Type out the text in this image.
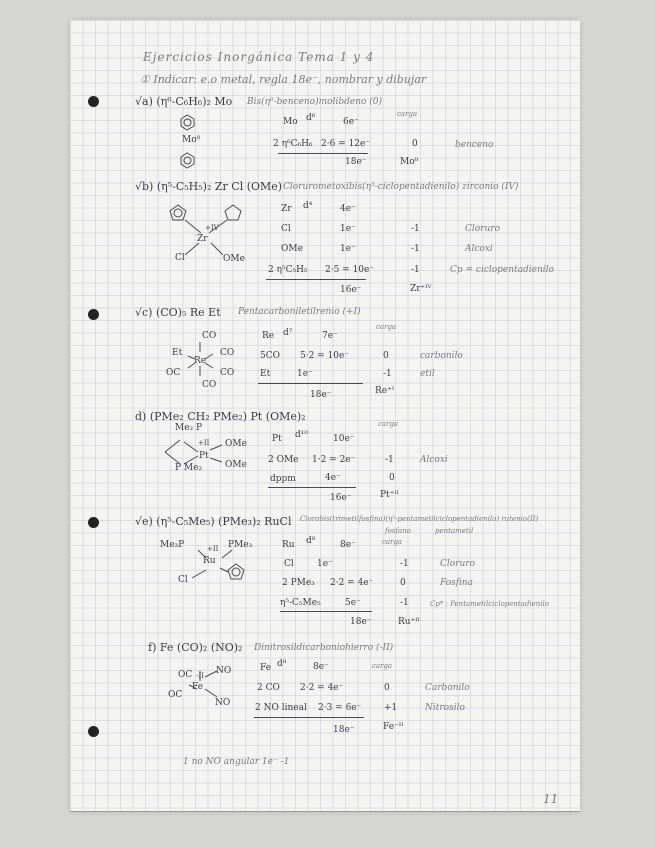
Ejercicios Inorgánica Tema 1 y 4
① Indicar: e.o metal, regla 18e⁻, nombrar y dibujar
√a) (η⁶-C₆H₆)₂ Mo Bis(η⁶-benceno)molibdeno (0)
Mo⁰
carga
Mo d⁶	6e⁻
2 η⁶C₆H₆ 2·6 = 12e⁻	0	benceno
18e⁻	Mo⁰
√b) (η⁵-C₅H₅)₂ Zr Cl (OMe) Clorurometoxibis(η⁵-ciclopentadienilo) zirconio (IV)
Zr
+IV
Cl	OMe
Zr d⁴	4e⁻
Cl	1e⁻	-1	Cloruro
OMe	1e⁻	-1	Alcoxi
2 η⁵C₅H₅ 2·5 = 10e⁻	-1	Cp = ciclopentadienilo
16e⁻	Zr⁺ᴵⱽ
√c) (CO)₅ Re Et Pentacarboniletilrenio (+I)
CO
Re
Et	CO
OC	CO
CO
carga
Re d⁷	7e⁻
5CO 5·2 = 10e⁻	0	carbonilo
Et	1e⁻	-1	etil
18e⁻	Re⁺ᴵ
d) (PMe₂ CH₂ PMe₂) Pt (OMe)₂
Me₂ P
P Me₂
Pt
+II OMe
OMe
carga
Pt d¹⁰	10e⁻
2 OMe 1·2 = 2e⁻	-1	Alcoxi
dppm	4e⁻	0
16e⁻	Pt⁺ᴵᴵ
√e) (η⁵-C₅Me₅) (PMe₃)₂ RuCl Clorobis(trimetilfosfina)(η⁵-pentametilciclopentadienilo) rutenio(II)
fosfano	pentametil
Me₃P	PMe₃
Ru
+II
Cl
carga
Ru d⁸	8e⁻
Cl	1e⁻	-1	Cloruro
2 PMe₃ 2·2 = 4e⁻	0	Fosfina
η⁵-C₅Me₅	5e⁻	-1	Cp* : Pentametilciclopentadienilo
18e⁻	Ru⁺ᴵᴵ
f) Fe (CO)₂ (NO)₂ Dinitrosildicarboniohierro (-II)
NO
Fe
-II
OC
OC
NO
carga
Fe d⁸	8e⁻
2 CO 2·2 = 4e⁻	0	Carbonilo
2 NO lineal 2·3 = 6e⁻	+1	Nitrosilo
18e⁻	Fe⁻ᴵᴵ
1 no NO angular 1e⁻ -1
11
